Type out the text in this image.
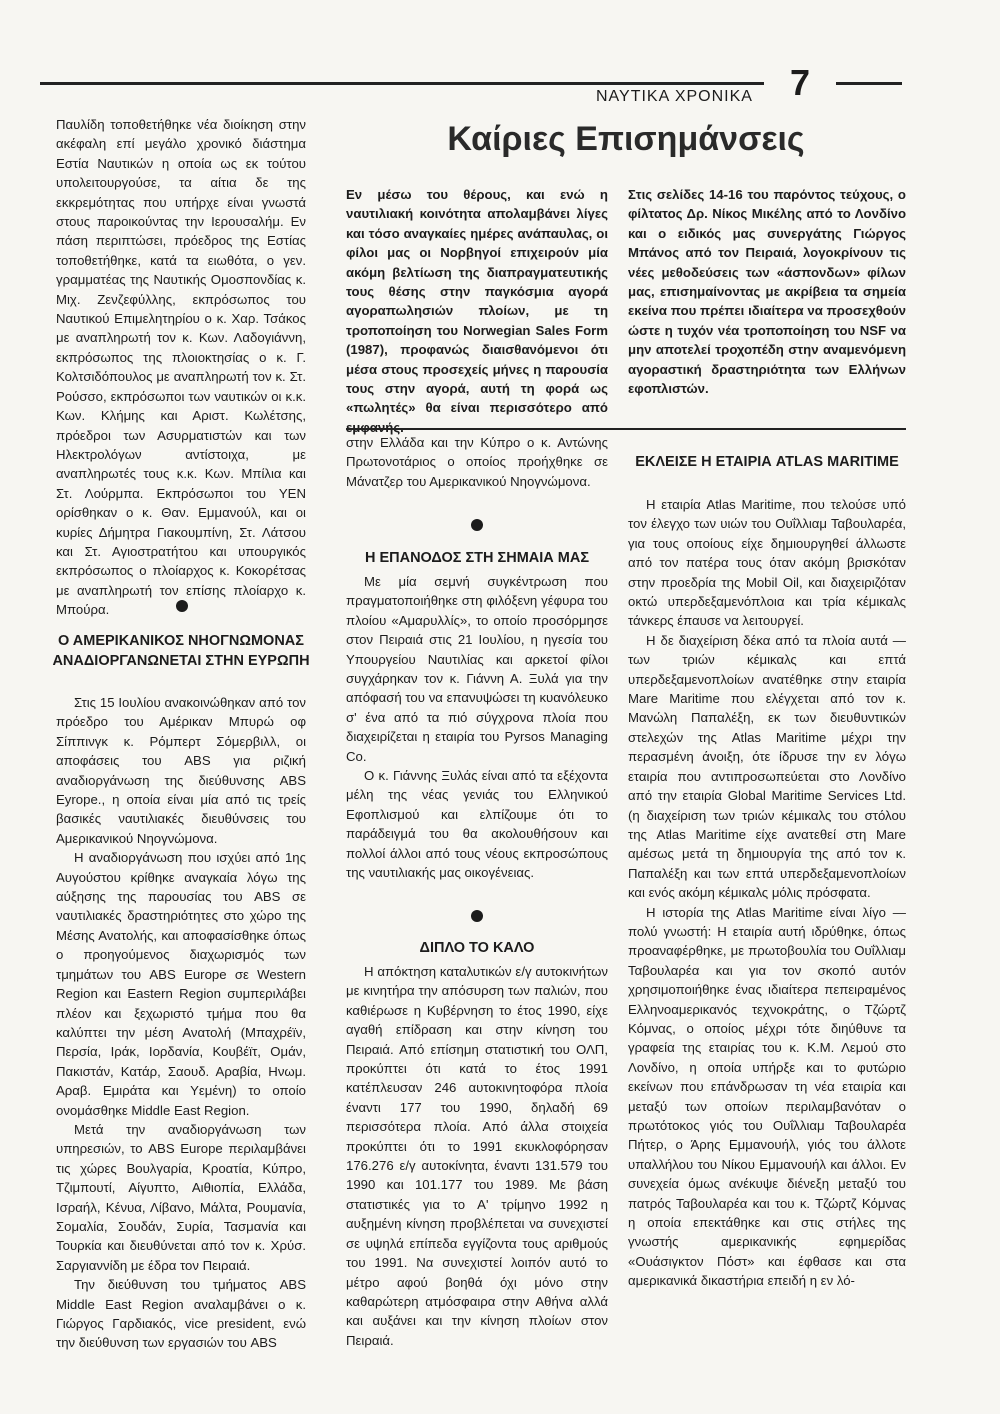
ΝΑΥΤΙΚΑ ΧΡΟΝΙΚΑ 7

Παυλίδη τοποθετήθηκε νέα διοίκηση στην ακέφαλη επί μεγάλο χρονικό διάστημα Εστία Ναυτικών η οποία ως εκ τούτου υπολειτουργούσε, τα αίτια δε της εκκρεμότητας που υπήρχε είναι γνωστά στους παροικούντας την Ιερουσαλήμ. Εν πάση περιπτώσει, πρόεδρος της Εστίας τοποθετήθηκε, κατά τα ειωθότα, ο γεν. γραμματέας της Ναυτικής Ομοσπονδίας κ. Μιχ. Ζενζεφύλλης, εκπρόσωπος του Ναυτικού Επιμελητηρίου ο κ. Χαρ. Τσάκος με αναπληρωτή τον κ. Κων. Λαδογιάννη, εκπρόσωπος της πλοιοκτησίας ο κ. Γ. Κολτσιδόπουλος με αναπληρωτή τον κ. Στ. Ρούσσο, εκπρόσωποι των ναυτικών οι κ.κ. Κων. Κλήμης και Αριστ. Κωλέτσης, πρόεδροι των Ασυρματιστών και των Ηλεκτρολόγων αντίστοιχα, με αναπληρωτές τους κ.κ. Κων. Μπίλια και Στ. Λούρμπα. Εκπρόσωποι του ΥΕΝ ορίσθηκαν ο κ. Θαν. Εμμανούλ, και οι κυρίες Δήμητρα Γιακουμπίνη, Στ. Λάτσου και Στ. Αγιοστρατήτου και υπουργικός εκπρόσωπος ο πλοίαρχος κ. Κοκορέτσας με αναπληρωτή τον επίσης πλοίαρχο κ. Μπούρα.

Ο ΑΜΕΡΙΚΑΝΙΚΟΣ ΝΗΟΓΝΩΜΟΝΑΣ ΑΝΑΔΙΟΡΓΑΝΩΝΕΤΑΙ ΣΤΗΝ ΕΥΡΩΠΗ

Στις 15 Ιουλίου ανακοινώθηκαν από τον πρόεδρο του Αμέρικαν Μπυρώ οφ Σίππινγκ κ. Ρόμπερτ Σόμερβιλλ, οι αποφάσεις του ABS για ριζική αναδιοργάνωση της διεύθυνσης ABS Eyrope., η οποία είναι μία από τις τρείς βασικές ναυτιλιακές διευθύνσεις του Αμερικανικού Νηογνώμονα.

Η αναδιοργάνωση που ισχύει από 1ης Αυγούστου κρίθηκε αναγκαία λόγω της αύξησης της παρουσίας του ABS σε ναυτιλιακές δραστηριότητες στο χώρο της Μέσης Ανατολής, και αποφασίσθηκε όπως ο προηγούμενος διαχωρισμός των τμημάτων του ABS Europe σε Western Region και Eastern Region συμπεριλάβει πλέον και ξεχωριστό τμήμα που θα καλύπτει την μέση Ανατολή (Μπαχρέϊν, Περσία, Ιράκ, Ιορδανία, Κουβέϊτ, Ομάν, Πακιστάν, Κατάρ, Σαουδ. Αραβία, Ηνωμ. Αραβ. Εμιράτα και Υεμένη) το οποίο ονομάσθηκε Middle East Region.

Μετά την αναδιοργάνωση των υπηρεσιών, το ABS Europe περιλαμβάνει τις χώρες Βουλγαρία, Κροατία, Κύπρο, Τζιμπουτί, Αίγυπτο, Αιθιοπία, Ελλάδα, Ισραήλ, Κένυα, Λίβανο, Μάλτα, Ρουμανία, Σομαλία, Σουδάν, Συρία, Τασμανία και Τουρκία και διευθύνεται από τον κ. Χρύσ. Σαργιαννίδη με έδρα τον Πειραιά.

Την διεύθυνση του τμήματος ABS Middle East Region αναλαμβάνει ο κ. Γιώργος Γαρδιακός, vice president, ενώ την διεύθυνση των εργασιών του ABS

Καίριες Επισημάνσεις
Εν μέσω του θέρους, και ενώ η ναυτιλιακή κοινότητα απολαμβάνει λίγες και τόσο αναγκαίες ημέρες ανάπαυλας, οι φίλοι μας οι Νορβηγοί επιχειρούν μία ακόμη βελτίωση της διαπραγματευτικής τους θέσης στην παγκόσμια αγορά αγοραπωλησιών πλοίων, με τη τροποποίηση του Norwegian Sales Form (1987), προφανώς διαισθανόμενοι ότι μέσα στους προσεχείς μήνες η παρουσία τους στην αγορά, αυτή τη φορά ως «πωλητές» θα είναι περισσότερο από εμφανής.
Στις σελίδες 14-16 του παρόντος τεύχους, ο φίλτατος Δρ. Νίκος Μικέλης από το Λονδίνο και ο ειδικός μας συνεργάτης Γιώργος Μπάνος από τον Πειραιά, λογοκρίνουν τις νέες μεθοδεύσεις των «άσπονδων» φίλων μας, επισημαίνοντας με ακρίβεια τα σημεία εκείνα που πρέπει ιδιαίτερα να προσεχθούν ώστε η τυχόν νέα τροποποίηση του NSF να μην αποτελεί τροχοπέδη στην αναμενόμενη αγοραστική δραστηριότητα των Ελλήνων εφοπλιστών.

στην Ελλάδα και την Κύπρο ο κ. Αντώνης Πρωτονοτάριος ο οποίος προήχθηκε σε Μάνατζερ του Αμερικανικού Νηογνώμονα.

Η ΕΠΑΝΟΔΟΣ ΣΤΗ ΣΗΜΑΙΑ ΜΑΣ

Με μία σεμνή συγκέντρωση που πραγματοποιήθηκε στη φιλόξενη γέφυρα του πλοίου «Αμαρυλλίς», το οποίο προσόρμησε στον Πειραιά στις 21 Ιουλίου, η ηγεσία του Υπουργείου Ναυτιλίας και αρκετοί φίλοι συγχάρηκαν τον κ. Γιάννη Α. Ξυλά για την απόφασή του να επανυψώσει τη κυανόλευκο σ' ένα από τα πιό σύγχρονα πλοία που διαχειρίζεται η εταιρία του Pyrsos Managing Co.

Ο κ. Γιάννης Ξυλάς είναι από τα εξέχοντα μέλη της νέας γενιάς του Ελληνικού Εφοπλισμού και ελπίζουμε ότι το παράδειγμά του θα ακολουθήσουν και πολλοί άλλοι από τους νέους εκπροσώπους της ναυτιλιακής μας οικογένειας.

ΔΙΠΛΟ ΤΟ ΚΑΛΟ

Η απόκτηση καταλυτικών ε/γ αυτοκινήτων με κινητήρα την απόσυρση των παλιών, που καθιέρωσε η Κυβέρνηση το έτος 1990, είχε αγαθή επίδραση και στην κίνηση του Πειραιά. Από επίσημη στατιστική του ΟΛΠ, προκύπτει ότι κατά το έτος 1991 κατέπλευσαν 246 αυτοκινητοφόρα πλοία έναντι 177 του 1990, δηλαδή 69 περισσότερα πλοία. Από άλλα στοιχεία προκύπτει ότι το 1991 εκυκλοφόρησαν 176.276 ε/γ αυτοκίνητα, έναντι 131.579 του 1990 και 101.177 του 1989. Με βάση στατιστικές για το Α' τρίμηνο 1992 η αυξημένη κίνηση προβλέπεται να συνεχιστεί σε υψηλά επίπεδα εγγίζοντα τους αριθμούς του 1991. Να συνεχιστεί λοιπόν αυτό το μέτρο αφού βοηθά όχι μόνο στην καθαρώτερη ατμόσφαιρα στην Αθήνα αλλά και αυξάνει και την κίνηση πλοίων στον Πειραιά.

ΕΚΛΕΙΣΕ Η ΕΤΑΙΡΙΑ ATLAS MARITIME

Η εταιρία Atlas Maritime, που τελούσε υπό τον έλεγχο των υιών του Ουΐλλιαμ Ταβουλαρέα, για τους οποίους είχε δημιουργηθεί άλλωστε από τον πατέρα τους όταν ακόμη βρισκόταν στην προεδρία της Mobil Oil, και διαχειριζόταν οκτώ υπερδεξαμενόπλοια και τρία κέμικαλς τάνκερς έπαυσε να λειτουργεί.

Η δε διαχείριση δέκα από τα πλοία αυτά — των τριών κέμικαλς και επτά υπερδεξαμενοπλοίων ανατέθηκε στην εταιρία Mare Maritime που ελέγχεται από τον κ. Μανώλη Παπαλέξη, εκ των διευθυντικών στελεχών της Atlas Maritime μέχρι την περασμένη άνοιξη, ότε ίδρυσε την εν λόγω εταιρία που αντιπροσωπεύεται στο Λονδίνο από την εταιρία Global Maritime Services Ltd. (η διαχείριση των τριών κέμικαλς του στόλου της Atlas Maritime είχε ανατεθεί στη Mare αμέσως μετά τη δημιουργία της από τον κ. Παπαλέξη και των επτά υπερδεξαμενοπλοίων και ενός ακόμη κέμικαλς μόλις πρόσφατα.

Η ιστορία της Atlas Maritime είναι λίγο — πολύ γνωστή: Η εταιρία αυτή ιδρύθηκε, όπως προαναφέρθηκε, με πρωτοβουλία του Ουΐλλιαμ Ταβουλαρέα και για τον σκοπό αυτόν χρησιμοποιήθηκε ένας ιδιαίτερα πεπειραμένος Ελληνοαμερικανός τεχνοκράτης, ο Τζώρτζ Κόμνας, ο οποίος μέχρι τότε διηύθυνε τα γραφεία της εταιρίας του κ. Κ.Μ. Λεμού στο Λονδίνο, η οποία υπήρξε και το φυτώριο εκείνων που επάνδρωσαν τη νέα εταιρία και μεταξύ των οποίων περιλαμβανόταν ο πρωτότοκος γιός του Ουΐλλιαμ Ταβουλαρέα Πήτερ, ο Άρης Εμμανουήλ, γιός του άλλοτε υπαλλήλου του Νίκου Εμμανουήλ και άλλοι. Εν συνεχεία όμως ανέκυψε διένεξη μεταξύ του πατρός Ταβουλαρέα και του κ. Τζώρτζ Κόμνας η οποία επεκτάθηκε και στις στήλες της γνωστής αμερικανικής εφημερίδας «Ουάσιγκτον Πόστ» και έφθασε και στα αμερικανικά δικαστήρια επειδή η εν λό-
